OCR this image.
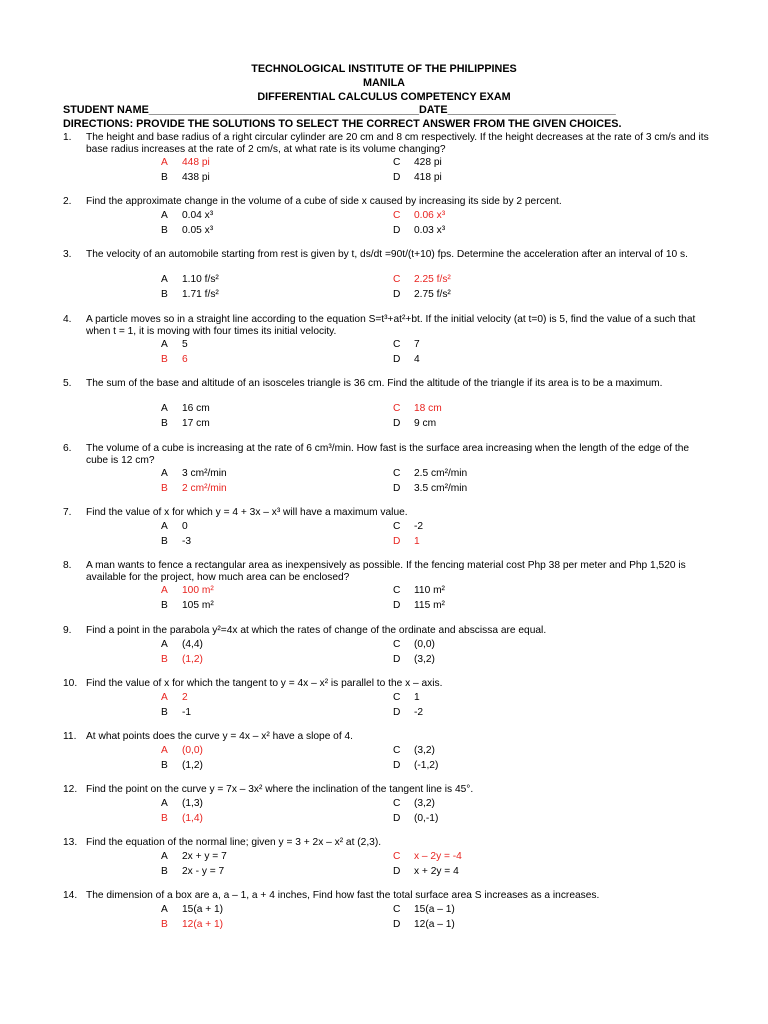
TECHNOLOGICAL INSTITUTE OF THE PHILIPPINES
MANILA
DIFFERENTIAL CALCULUS COMPETENCY EXAM
STUDENT NAME_____________________________________________DATE____________________________
DIRECTIONS: PROVIDE THE SOLUTIONS TO SELECT THE CORRECT ANSWER FROM THE GIVEN CHOICES.
1. The height and base radius of a right circular cylinder are 20 cm and 8 cm respectively. If the height decreases at the rate of 3 cm/s and its base radius increases at the rate of 2 cm/s, at what rate is its volume changing?
2. Find the approximate change in the volume of a cube of side x caused by increasing its side by 2 percent.
3. The velocity of an automobile starting from rest is given by t, ds/dt =90t/(t+10) fps. Determine the acceleration after an interval of 10 s.
4. A particle moves so in a straight line according to the equation S=t³+at²+bt. If the initial velocity (at t=0) is 5, find the value of a such that when t = 1, it is moving with four times its initial velocity.
5. The sum of the base and altitude of an isosceles triangle is 36 cm. Find the altitude of the triangle if its area is to be a maximum.
6. The volume of a cube is increasing at the rate of 6 cm³/min. How fast is the surface area increasing when the length of the edge of the cube is 12 cm?
7. Find the value of x for which y = 4 + 3x – x³ will have a maximum value.
8. A man wants to fence a rectangular area as inexpensively as possible. If the fencing material cost Php 38 per meter and Php 1,520 is available for the project, how much area can be enclosed?
9. Find a point in the parabola y²=4x at which the rates of change of the ordinate and abscissa are equal.
10. Find the value of x for which the tangent to y = 4x – x² is parallel to the x – axis.
11. At what points does the curve y = 4x – x² have a slope of 4.
12. Find the point on the curve y = 7x – 3x² where the inclination of the tangent line is 45°.
13. Find the equation of the normal line; given y = 3 + 2x – x² at (2,3).
14. The dimension of a box are a, a – 1, a + 4 inches, Find how fast the total surface area S increases as a increases.
A 448 pi	C 428 pi
B 438 pi	D 418 pi
A 0.04 x³	C 0.06 x³
B 0.05 x³	D 0.03 x³
A 1.10 f/s²	C 2.25 f/s²
B 1.71 f/s²	D 2.75 f/s²
A 5	C 7
B 6	D 4
A 16 cm	C 18 cm
B 17 cm	D 9 cm
A 3 cm²/min	C 2.5 cm²/min
B 2 cm²/min	D 3.5 cm²/min
A 0	C -2
B -3	D 1
A 100 m²	C 110 m²
B 105 m²	D 115 m²
A (4,4)	C (0,0)
B (1,2)	D (3,2)
A 2	C 1
B -1	D -2
A (0,0)	C (3,2)
B (1,2)	D (-1,2)
A (1,3)	C (3,2)
B (1,4)	D (0,-1)
A 2x + y = 7	C x – 2y = -4
B 2x - y = 7	D x + 2y = 4
A 15(a + 1)	C 15(a – 1)
B 12(a + 1)	D 12(a – 1)
